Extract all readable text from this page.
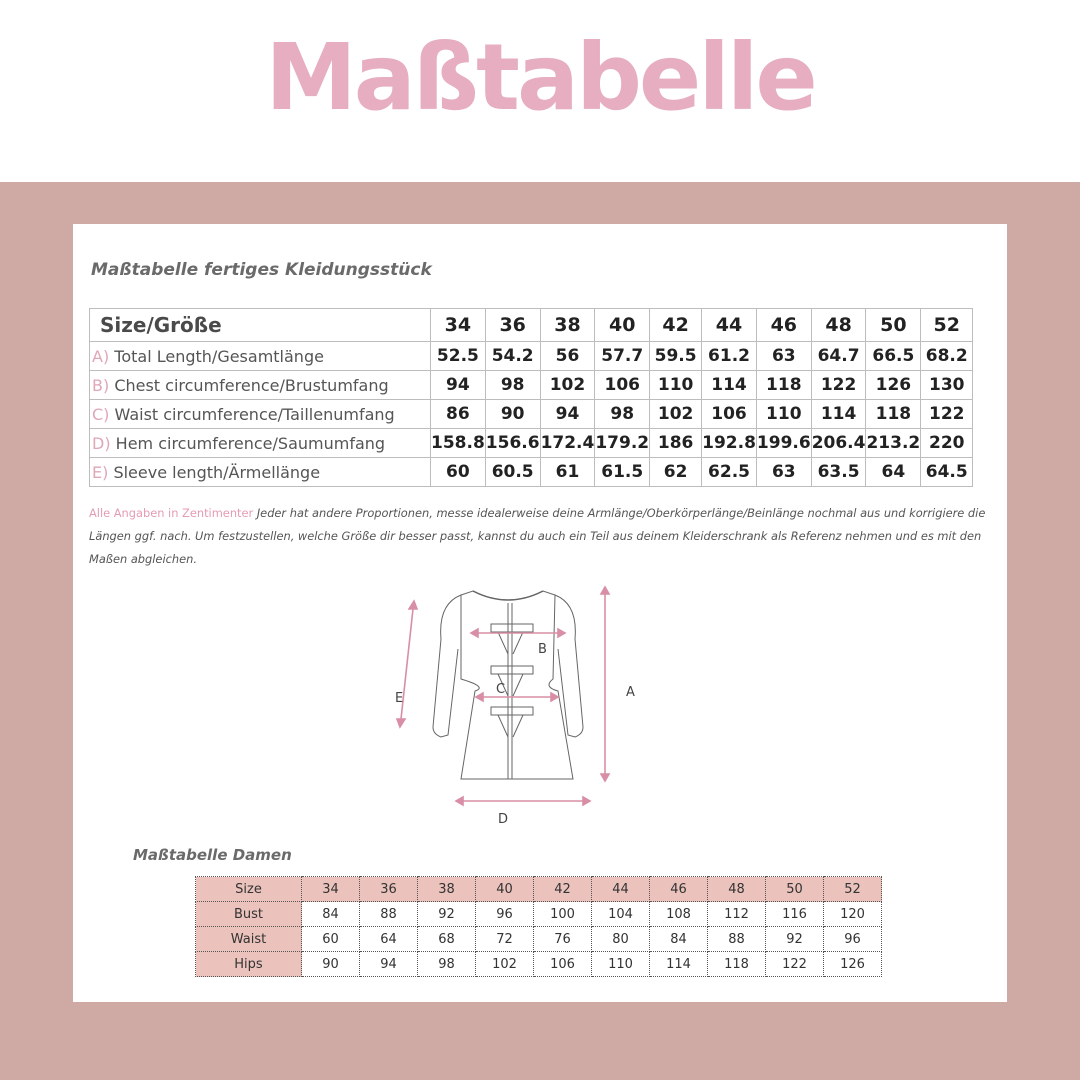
Maßtabelle
Maßtabelle fertiges Kleidungsstück
Size/Größe	34	36	38	40	42	44	46	48	50	52
A) Total Length/Gesamtlänge	52.5	54.2	56	57.7	59.5	61.2	63	64.7	66.5	68.2
B) Chest circumference/Brustumfang	94	98	102	106	110	114	118	122	126	130
C) Waist circumference/Taillenumfang	86	90	94	98	102	106	110	114	118	122
D) Hem circumference/Saumumfang	158.8	156.6	172.4	179.2	186	192.8	199.6	206.4	213.2	220
E) Sleeve length/Ärmellänge	60	60.5	61	61.5	62	62.5	63	63.5	64	64.5
Alle Angaben in Zentimenter Jeder hat andere Proportionen, messe idealerweise deine Armlänge/Oberkörperlänge/Beinlänge nochmal aus und korrigiere die Längen ggf. nach. Um festzustellen, welche Größe dir besser passt, kannst du auch ein Teil aus deinem Kleiderschrank als Referenz nehmen und es mit den Maßen abgleichen.
B
C
D
A
E
Maßtabelle Damen
Size	34	36	38	40	42	44	46	48	50	52
Bust	84	88	92	96	100	104	108	112	116	120
Waist	60	64	68	72	76	80	84	88	92	96
Hips	90	94	98	102	106	110	114	118	122	126
